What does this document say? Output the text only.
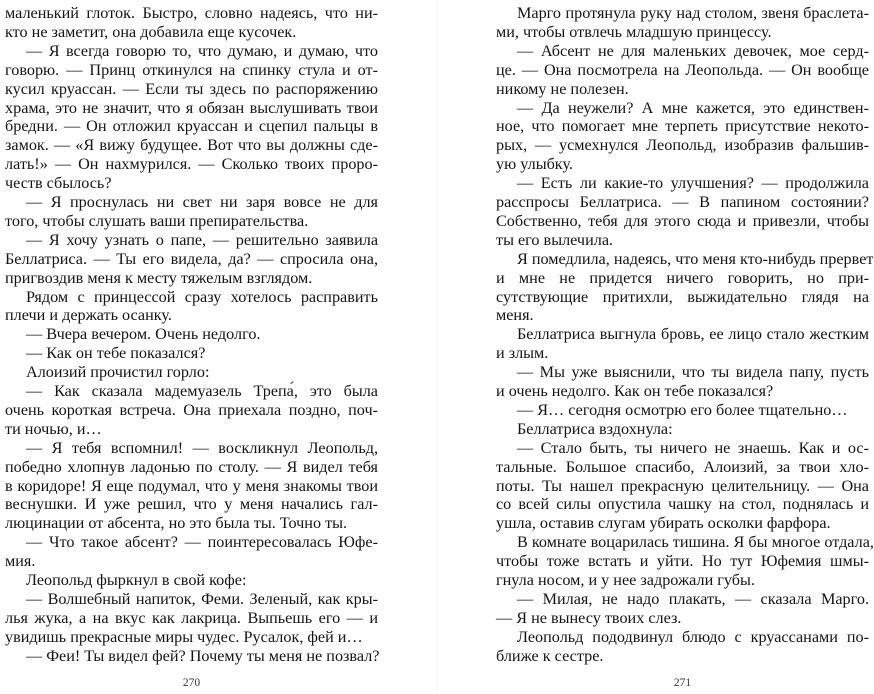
маленький глоток. Быстро, словно надеясь, что ни-
кто не заметит, она добавила еще кусочек.
— Я всегда говорю то, что думаю, и думаю, что
говорю. — Принц откинулся на спинку стула и от-
кусил круассан. — Если ты здесь по распоряжению
храма, это не значит, что я обязан выслушивать твои
бредни. — Он отложил круассан и сцепил пальцы в
замок. — «Я вижу будущее. Вот что вы должны сде-
лать!» — Он нахмурился. — Сколько твоих проро-
честв сбылось?
— Я проснулась ни свет ни заря вовсе не для
того, чтобы слушать ваши препирательства.
— Я хочу узнать о папе, — решительно заявила
Беллатриса. — Ты его видела, да? — спросила она,
пригвоздив меня к месту тяжелым взглядом.
Рядом с принцессой сразу хотелось расправить
плечи и держать осанку.
— Вчера вечером. Очень недолго.
— Как он тебе показался?
Алоизий прочистил горло:
— Как сказала мадемуазель Трепа́, это была
очень короткая встреча. Она приехала поздно, поч-
ти ночью, и…
— Я тебя вспомнил! — воскликнул Леопольд,
победно хлопнув ладонью по столу. — Я видел тебя
в коридоре! Я еще подумал, что у меня знакомы твои
веснушки. И уже решил, что у меня начались гал-
люцинации от абсента, но это была ты. Точно ты.
— Что такое абсент? — поинтересовалась Юфе-
мия.
Леопольд фыркнул в свой кофе:
— Волшебный напиток, Феми. Зеленый, как кры-
лья жука, а на вкус как лакрица. Выпьешь его — и
увидишь прекрасные миры чудес. Русалок, фей и…
— Феи! Ты видел фей? Почему ты меня не позвал?
270
Марго протянула руку над столом, звеня браслета-
ми, чтобы отвлечь младшую принцессу.
— Абсент не для маленьких девочек, мое серд-
це. — Она посмотрела на Леопольда. — Он вообще
никому не полезен.
— Да неужели? А мне кажется, это единствен-
ное, что помогает мне терпеть присутствие некото-
рых, — усмехнулся Леопольд, изобразив фальшив-
ую улыбку.
— Есть ли какие-то улучшения? — продолжила
расспросы Беллатриса. — В папином состоянии?
Собственно, тебя для этого сюда и привезли, чтобы
ты его вылечила.
Я помедлила, надеясь, что меня кто-нибудь прервет
и мне не придется ничего говорить, но при-
сутствующие притихли, выжидательно глядя на
меня.
Беллатриса выгнула бровь, ее лицо стало жестким
и злым.
— Мы уже выяснили, что ты видела папу, пусть
и очень недолго. Как он тебе показался?
— Я… сегодня осмотрю его более тщательно…
Беллатриса вздохнула:
— Стало быть, ты ничего не знаешь. Как и ос-
тальные. Большое спасибо, Алоизий, за твои хло-
поты. Ты нашел прекрасную целительницу. — Она
со всей силы опустила чашку на стол, поднялась и
ушла, оставив слугам убирать осколки фарфора.
В комнате воцарилась тишина. Я бы многое отдала,
чтобы тоже встать и уйти. Но тут Юфемия шмы-
гнула носом, и у нее задрожали губы.
— Милая, не надо плакать, — сказала Марго.
— Я не вынесу твоих слез.
Леопольд пододвинул блюдо с круассанами по-
ближе к сестре.
271
